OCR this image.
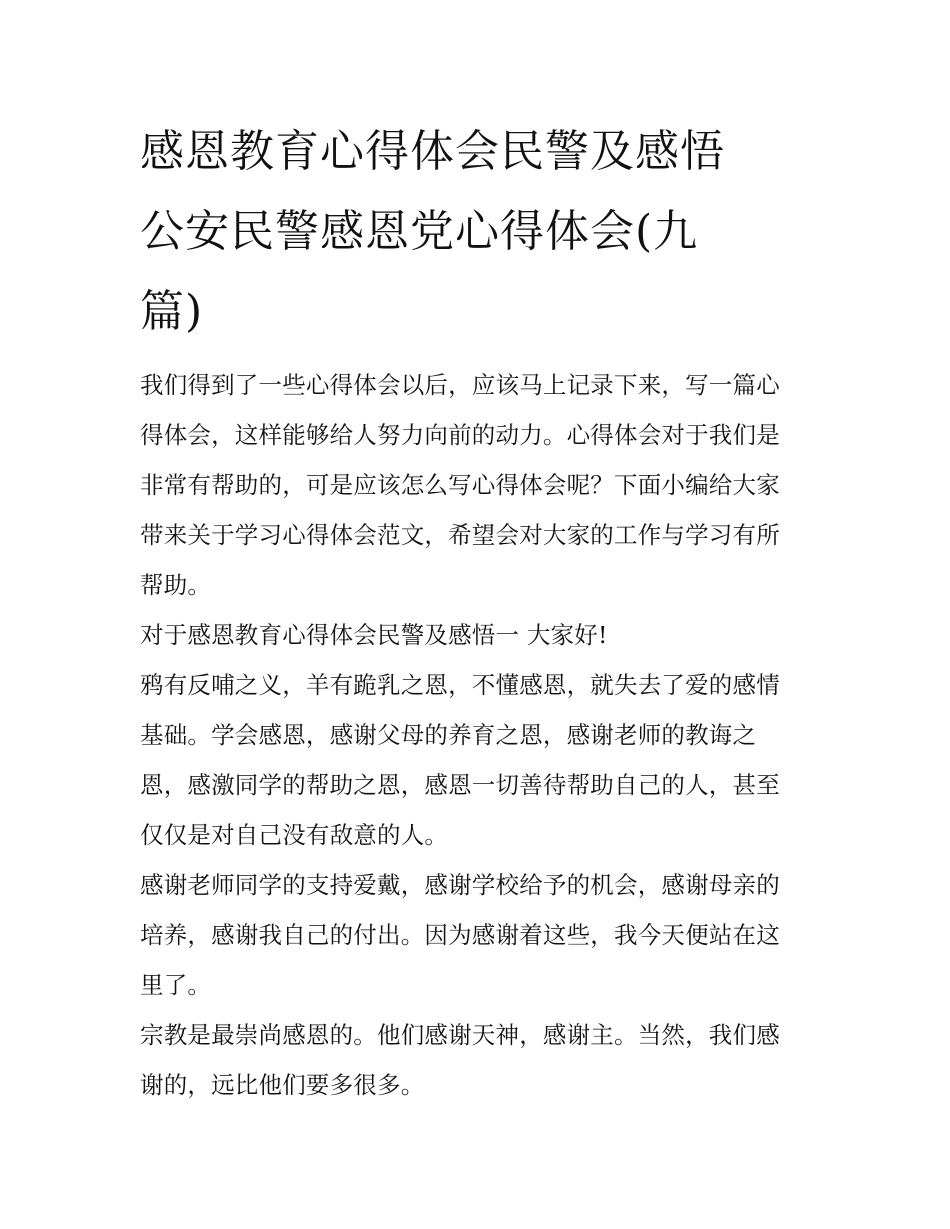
感恩教育心得体会民警及感悟
公安民警感恩党心得体会(九
篇)

我们得到了一些心得体会以后，应该马上记录下来，写一篇心
得体会，这样能够给人努力向前的动力。心得体会对于我们是
非常有帮助的，可是应该怎么写心得体会呢？下面小编给大家
带来关于学习心得体会范文，希望会对大家的工作与学习有所
帮助。

对于感恩教育心得体会民警及感悟一 大家好!

鸦有反哺之义，羊有跪乳之恩，不懂感恩，就失去了爱的感情
基础。学会感恩，感谢父母的养育之恩，感谢老师的教诲之
恩，感激同学的帮助之恩，感恩一切善待帮助自己的人，甚至
仅仅是对自己没有敌意的人。

感谢老师同学的支持爱戴，感谢学校给予的机会，感谢母亲的
培养，感谢我自己的付出。因为感谢着这些，我今天便站在这
里了。

宗教是最崇尚感恩的。他们感谢天神，感谢主。当然，我们感
谢的，远比他们要多很多。
